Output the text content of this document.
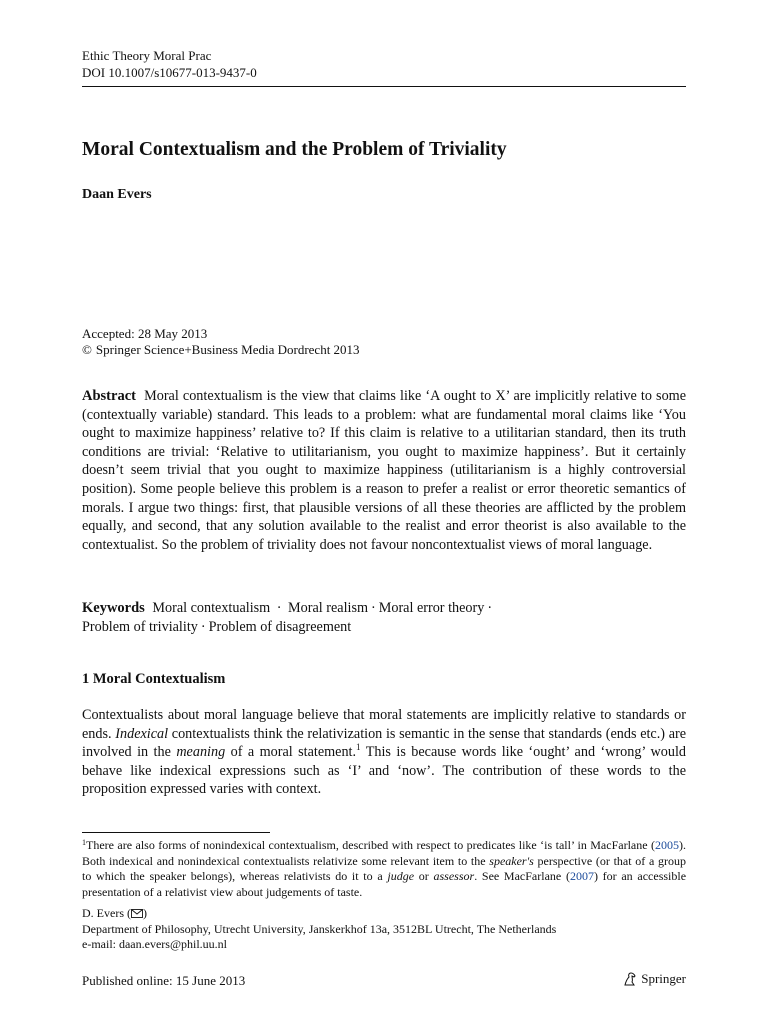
Ethic Theory Moral Prac
DOI 10.1007/s10677-013-9437-0
Moral Contextualism and the Problem of Triviality
Daan Evers
Accepted: 28 May 2013
© Springer Science+Business Media Dordrecht 2013
Abstract Moral contextualism is the view that claims like ‘A ought to X’ are implicitly relative to some (contextually variable) standard. This leads to a problem: what are fundamental moral claims like ‘You ought to maximize happiness’ relative to? If this claim is relative to a utilitarian standard, then its truth conditions are trivial: ‘Relative to utilitarianism, you ought to maximize happiness’. But it certainly doesn’t seem trivial that you ought to maximize happiness (utilitarianism is a highly controversial position). Some people believe this problem is a reason to prefer a realist or error theoretic semantics of morals. I argue two things: first, that plausible versions of all these theories are afflicted by the problem equally, and second, that any solution available to the realist and error theorist is also available to the contextualist. So the problem of triviality does not favour noncontextualist views of moral language.
Keywords Moral contextualism · Moral realism · Moral error theory ·
Problem of triviality · Problem of disagreement
1 Moral Contextualism
Contextualists about moral language believe that moral statements are implicitly relative to standards or ends. Indexical contextualists think the relativization is semantic in the sense that standards (ends etc.) are involved in the meaning of a moral statement.$^1$ This is because words like ‘ought’ and ‘wrong’ would behave like indexical expressions such as ‘I’ and ‘now’. The contribution of these words to the proposition expressed varies with context.
$^1$There are also forms of nonindexical contextualism, described with respect to predicates like ‘is tall’ in MacFarlane (2005). Both indexical and nonindexical contextualists relativize some relevant item to the speaker's perspective (or that of a group to which the speaker belongs), whereas relativists do it to a judge or assessor. See MacFarlane (2007) for an accessible presentation of a relativist view about judgements of taste.
D. Evers ( )
Department of Philosophy, Utrecht University, Janskerkhof 13a, 3512BL Utrecht, The Netherlands
e-mail: daan.evers@phil.uu.nl
Published online: 15 June 2013	Springer
